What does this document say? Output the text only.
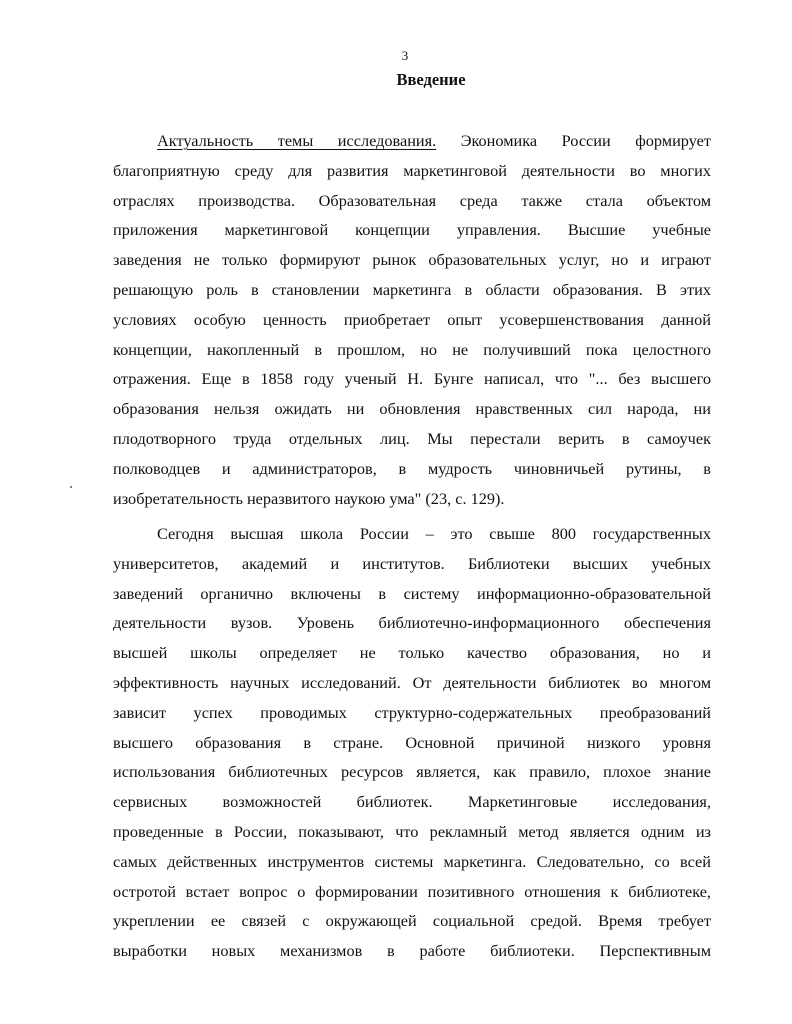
3
Введение
Актуальность темы исследования. Экономика России формирует
благоприятную среду для развития маркетинговой деятельности во многих
отраслях производства. Образовательная среда также стала объектом
приложения маркетинговой концепции управления. Высшие учебные
заведения не только формируют рынок образовательных услуг, но и играют
решающую роль в становлении маркетинга в области образования. В этих
условиях особую ценность приобретает опыт усовершенствования данной
концепции, накопленный в прошлом, но не получивший пока целостного
отражения. Еще в 1858 году ученый Н. Бунге написал, что "... без высшего
образования нельзя ожидать ни обновления нравственных сил народа, ни
плодотворного труда отдельных лиц. Мы перестали верить в самоучек
полководцев и администраторов, в мудрость чиновничьей рутины, в
изобретательность неразвитого наукою ума" (23, с. 129).
Сегодня высшая школа России – это свыше 800 государственных
университетов, академий и институтов. Библиотеки высших учебных
заведений органично включены в систему информационно-образовательной
деятельности вузов. Уровень библиотечно-информационного обеспечения
высшей школы определяет не только качество образования, но и
эффективность научных исследований. От деятельности библиотек во многом
зависит успех проводимых структурно-содержательных преобразований
высшего образования в стране. Основной причиной низкого уровня
использования библиотечных ресурсов является, как правило, плохое знание
сервисных возможностей библиотек. Маркетинговые исследования,
проведенные в России, показывают, что рекламный метод является одним из
самых действенных инструментов системы маркетинга. Следовательно, со всей
остротой встает вопрос о формировании позитивного отношения к библиотеке,
укреплении ее связей с окружающей социальной средой. Время требует
выработки новых механизмов в работе библиотеки. Перспективным
